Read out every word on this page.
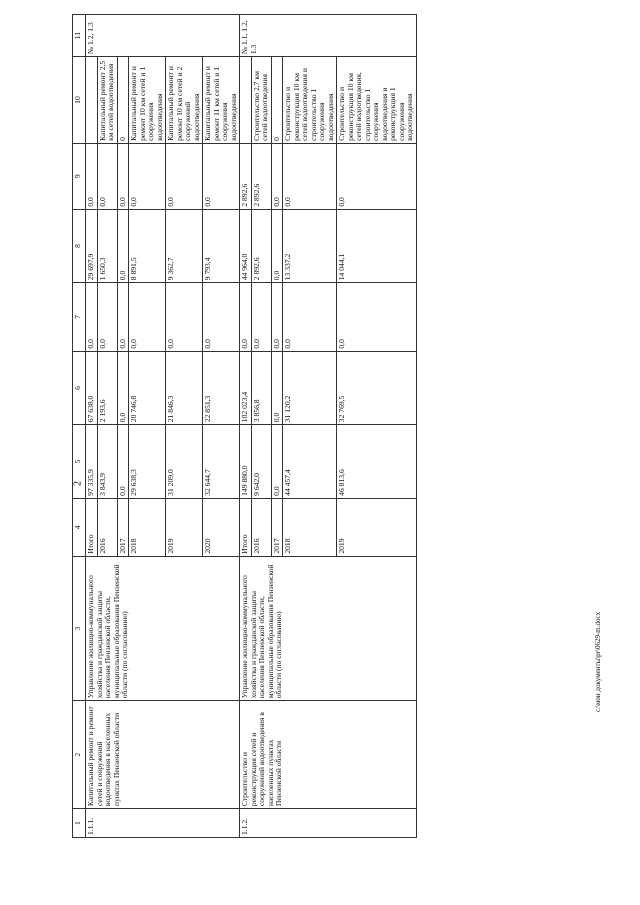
2
1	2	3	4	5	6	7	8	9	10	11
1.1.1.	Капитальный ремонт и ремонт сетей и сооружений водоотведения в населенных пунктах Пензенской области	Управление жилищно-коммунального хозяйства и гражданской защиты населения Пензенской области, муниципальные образования Пензенской области (по согласованию)	Итого	97 335,9	67 638,0	0,0	29 697,9	0,0		№ 1.2, 1.3
			2016	3 843,9	2 193,6	0,0	1 650,3	0,0	Капитальный ремонт 2,5 км сетей водоотведения	
			2017	0,0	0,0	0,0	0,0	0,0	0	
			2018	29 638,3	20 746,8	0,0	8 891,5	0,0	Капитальный ремонт и ремонт 10 км сетей и 1 сооружения водоотведения	
			2019	31 209,0	21 846,3	0,0	9 362,7	0,0	Капитальный ремонт и ремонт 10 км сетей и 2 сооружений водоотведения	
			2020	32 644,7	22 851,3	0,0	9 793,4	0,0	Капитальный ремонт и ремонт 11 км сетей и 1 сооружения водоотведения	
1.1.2.	Строительство и реконструкция сетей и сооружений водоотведения в населенных пунктах Пензенской области	Управление жилищно-коммунального хозяйства и гражданской защиты населения Пензенской области, муниципальные образования Пензенской области (по согласованию)	Итого	149 880,0	102 023,4	0,0	44 964,0	2 892,6		№ 1.1, 1.2, 1.3
			2016	9 642,0	3 856,8	0,0	2 892,6	2 892,6	Строительство 2,7 км сетей водоотведения	
			2017	0,0	0,0	0,0	0,0	0,0	0	
			2018	44 457,4	31 120,2	0,0	13 337,2	0,0	Строительство и реконструкция 10 км сетей водоотведения и строительство 1 сооружения водоотведения	
			2019	46 813,6	32 769,5	0,0	14 044,1	0,0	Строительство и реконструкция 10 км сетей водоотведения, строительство 1 сооружения водоотведения и реконструкция 1 сооружения водоотведения	
c:\мои документы\pr\0629-m.docx
